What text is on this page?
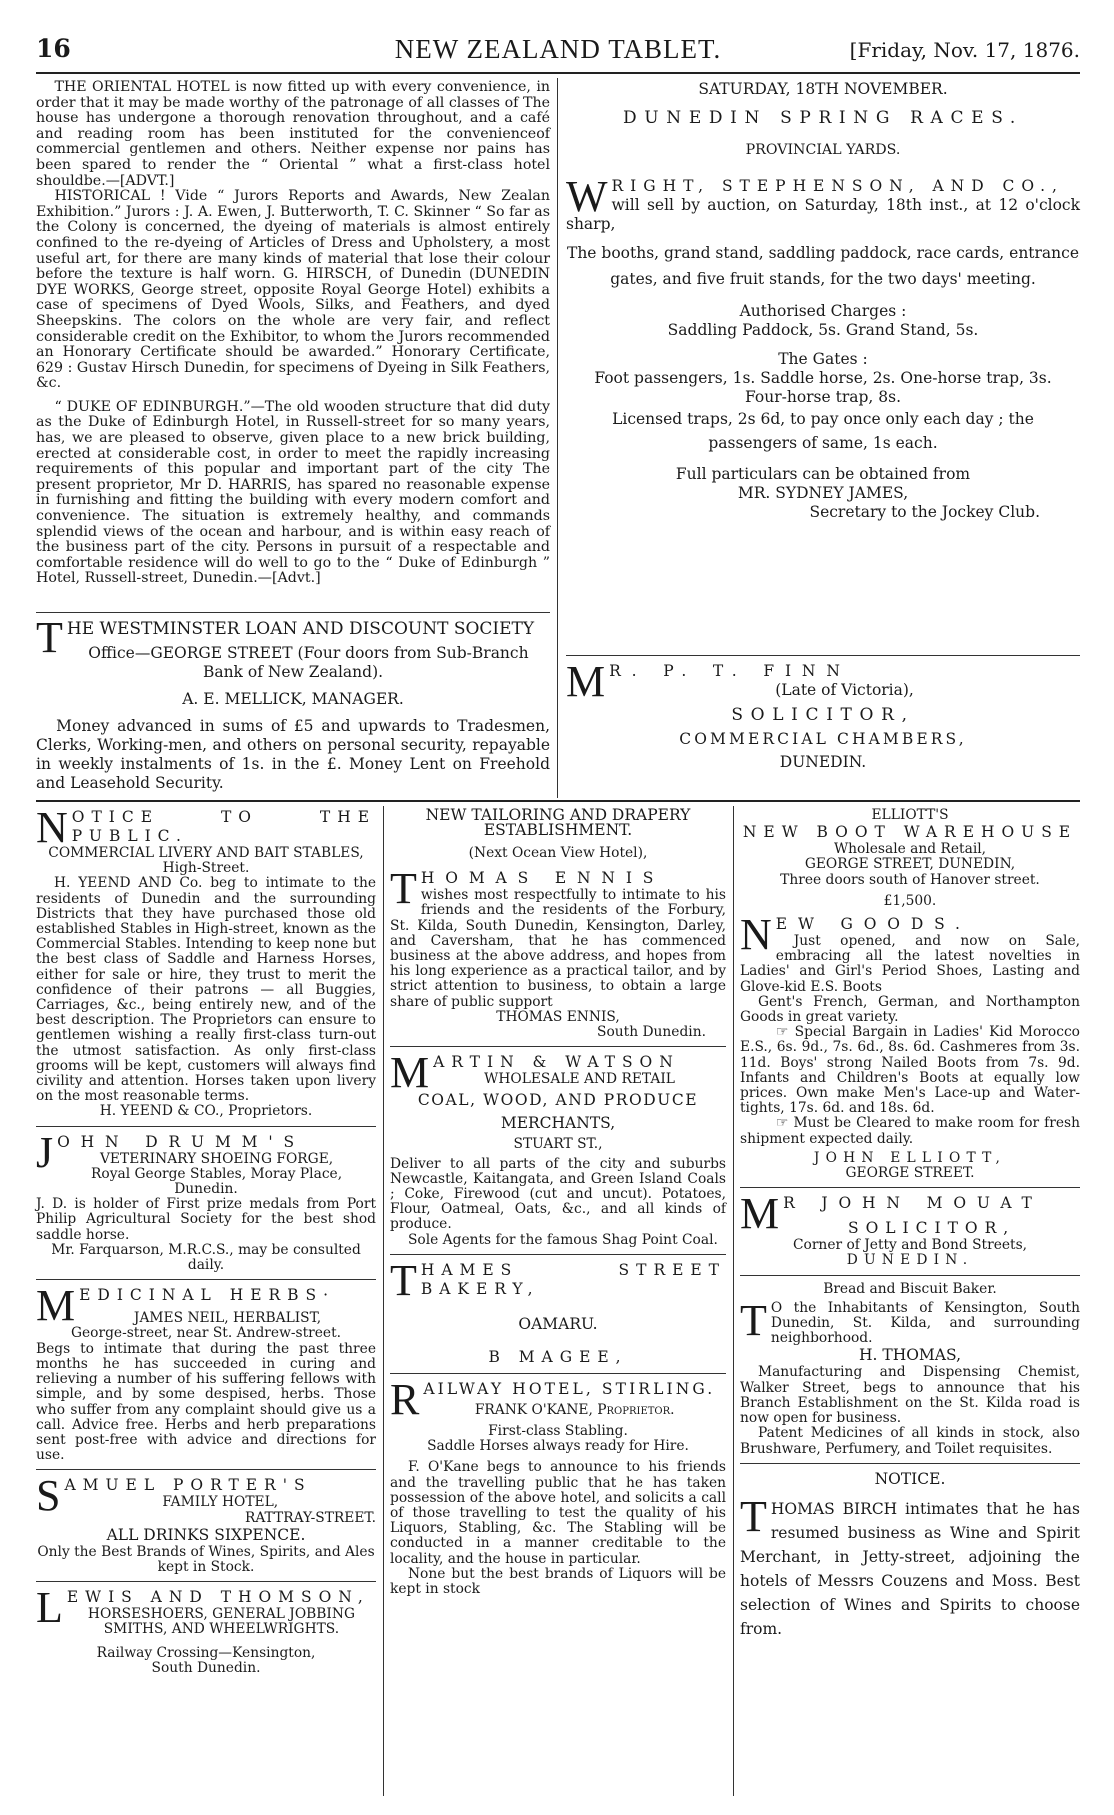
16	NEW ZEALAND TABLET.	[Friday, Nov. 17, 1876.

THE ORIENTAL HOTEL is now fitted up with every convenience, in order that it may be made worthy of the patronage of all classes of The house has undergone a thorough renovation throughout, and a café and reading room has been instituted for the convenienceof commercial gentlemen and others. Neither expense nor pains has been spared to render the “ Oriental ” what a first-class hotel shouldbe.—[ADVT.]

HISTORICAL ! Vide “ Jurors Reports and Awards, New Zealan Exhibition.” Jurors : J. A. Ewen, J. Butterworth, T. C. Skinner “ So far as the Colony is concerned, the dyeing of materials is almost entirely confined to the re-dyeing of Articles of Dress and Upholstery, a most useful art, for there are many kinds of material that lose their colour before the texture is half worn. G. HIRSCH, of Dunedin (DUNEDIN DYE WORKS, George street, opposite Royal George Hotel) exhibits a case of specimens of Dyed Wools, Silks, and Feathers, and dyed Sheepskins. The colors on the whole are very fair, and reflect considerable credit on the Exhibitor, to whom the Jurors recommended an Honorary Certificate should be awarded.” Honorary Certificate, 629 : Gustav Hirsch Dunedin, for specimens of Dyeing in Silk Feathers, &c.

“ DUKE OF EDINBURGH.”—The old wooden structure that did duty as the Duke of Edinburgh Hotel, in Russell-street for so many years, has, we are pleased to observe, given place to a new brick building, erected at considerable cost, in order to meet the rapidly increasing requirements of this popular and important part of the city The present proprietor, Mr D. HARRIS, has spared no reasonable expense in furnishing and fitting the building with every modern comfort and convenience. The situation is extremely healthy, and commands splendid views of the ocean and harbour, and is within easy reach of the business part of the city. Persons in pursuit of a respectable and comfortable residence will do well to go to the “ Duke of Edinburgh ” Hotel, Russell-street, Dunedin.—[Advt.]

THE WESTMINSTER LOAN AND DISCOUNT SOCIETY

Office—GEORGE STREET (Four doors from Sub-Branch Bank of New Zealand).

A. E. MELLICK, MANAGER.

Money advanced in sums of £5 and upwards to Tradesmen, Clerks, Working-men, and others on personal security, repayable in weekly instalments of 1s. in the £. Money Lent on Freehold and Leasehold Security.

SATURDAY, 18TH NOVEMBER.

DUNEDIN SPRING RACES.

PROVINCIAL YARDS.

WRIGHT, STEPHENSON, AND CO.,

will sell by auction, on Saturday, 18th inst., at 12 o'clock sharp,

The booths, grand stand, saddling paddock, race cards, entrance gates, and five fruit stands, for the two days' meeting.

Authorised Charges :

Saddling Paddock, 5s. Grand Stand, 5s.

The Gates :

Foot passengers, 1s. Saddle horse, 2s. One-horse trap, 3s.

Four-horse trap, 8s.

Licensed traps, 2s 6d, to pay once only each day ; the passengers of same, 1s each.

Full particulars can be obtained from

MR. SYDNEY JAMES,

Secretary to the Jockey Club.

M R. P. T. FINN

(Late of Victoria),

SOLICITOR,

COMMERCIAL CHAMBERS,

DUNEDIN.

NOTICE TO THE PUBLIC.

COMMERCIAL LIVERY AND BAIT STABLES,

High-Street.

H. YEEND AND Co. beg to intimate to the residents of Dunedin and the surrounding Districts that they have purchased those old established Stables in High-street, known as the Commercial Stables. Intending to keep none but the best class of Saddle and Harness Horses, either for sale or hire, they trust to merit the confidence of their patrons — all Buggies, Carriages, &c., being entirely new, and of the best description. The Proprietors can ensure to gentlemen wishing a really first-class turn-out the utmost satisfaction. As only first-class grooms will be kept, customers will always find civility and attention. Horses taken upon livery on the most reasonable terms.

H. YEEND & CO., Proprietors.

JOHN DRUMM'S

VETERINARY SHOEING FORGE,

Royal George Stables, Moray Place, Dunedin.

J. D. is holder of First prize medals from Port Philip Agricultural Society for the best shod saddle horse.

Mr. Farquarson, M.R.C.S., may be consulted daily.

MEDICINAL HERBS·

JAMES NEIL, HERBALIST,

George-street, near St. Andrew-street.

Begs to intimate that during the past three months he has succeeded in curing and relieving a number of his suffering fellows with simple, and by some despised, herbs. Those who suffer from any complaint should give us a call. Advice free. Herbs and herb preparations sent post-free with advice and directions for use.

SAMUEL PORTER'S

FAMILY HOTEL,

RATTRAY-STREET.

ALL DRINKS SIXPENCE.

Only the Best Brands of Wines, Spirits, and Ales kept in Stock.

LEWIS AND THOMSON,

HORSESHOERS, GENERAL JOBBING SMITHS, AND WHEELWRIGHTS.

Railway Crossing—Kensington,

South Dunedin.

NEW TAILORING AND DRAPERY ESTABLISHMENT.

(Next Ocean View Hotel),

THOMAS ENNIS

wishes most respectfully to intimate to his friends and the residents of the Forbury, St. Kilda, South Dunedin, Kensington, Darley, and Caversham, that he has commenced business at the above address, and hopes from his long experience as a practical tailor, and by strict attention to business, to obtain a large share of public support

THOMAS ENNIS,

South Dunedin.

MARTIN & WATSON

WHOLESALE AND RETAIL

COAL, WOOD, AND PRODUCE

MERCHANTS,

STUART ST.,

Deliver to all parts of the city and suburbs Newcastle, Kaitangata, and Green Island Coals ; Coke, Firewood (cut and uncut). Potatoes, Flour, Oatmeal, Oats, &c., and all kinds of produce.

Sole Agents for the famous Shag Point Coal.

THAMES STREET BAKERY,

OAMARU.

B MAGEE,

RAILWAY HOTEL, STIRLING.

FRANK O'KANE, Proprietor.

First-class Stabling.

Saddle Horses always ready for Hire.

F. O'Kane begs to announce to his friends and the travelling public that he has taken possession of the above hotel, and solicits a call of those travelling to test the quality of his Liquors, Stabling, &c. The Stabling will be conducted in a manner creditable to the locality, and the house in particular.

None but the best brands of Liquors will be kept in stock

ELLIOTT'S

NEW BOOT WAREHOUSE

Wholesale and Retail,

GEORGE STREET, DUNEDIN,

Three doors south of Hanover street.

£1,500.

NEW GOODS.

Just opened, and now on Sale, embracing all the latest novelties in Ladies' and Girl's Period Shoes, Lasting and Glove-kid E.S. Boots

Gent's French, German, and Northampton Goods in great variety.

☞ Special Bargain in Ladies' Kid Morocco E.S., 6s. 9d., 7s. 6d., 8s. 6d. Cashmeres from 3s. 11d. Boys' strong Nailed Boots from 7s. 9d. Infants and Children's Boots at equally low prices. Own make Men's Lace-up and Water-tights, 17s. 6d. and 18s. 6d.

☞ Must be Cleared to make room for fresh shipment expected daily.

JOHN ELLIOTT,

GEORGE STREET.

M R JOHN MOUAT

SOLICITOR,

Corner of Jetty and Bond Streets,

DUNEDIN.

Bread and Biscuit Baker.

T O the Inhabitants of Kensington, South Dunedin, St. Kilda, and surrounding neighborhood.

H. THOMAS,

Manufacturing and Dispensing Chemist, Walker Street, begs to announce that his Branch Establishment on the St. Kilda road is now open for business.

Patent Medicines of all kinds in stock, also Brushware, Perfumery, and Toilet requisites.

NOTICE.

THOMAS BIRCH intimates that he has resumed business as Wine and Spirit Merchant, in Jetty-street, adjoining the hotels of Messrs Couzens and Moss. Best selection of Wines and Spirits to choose from.
